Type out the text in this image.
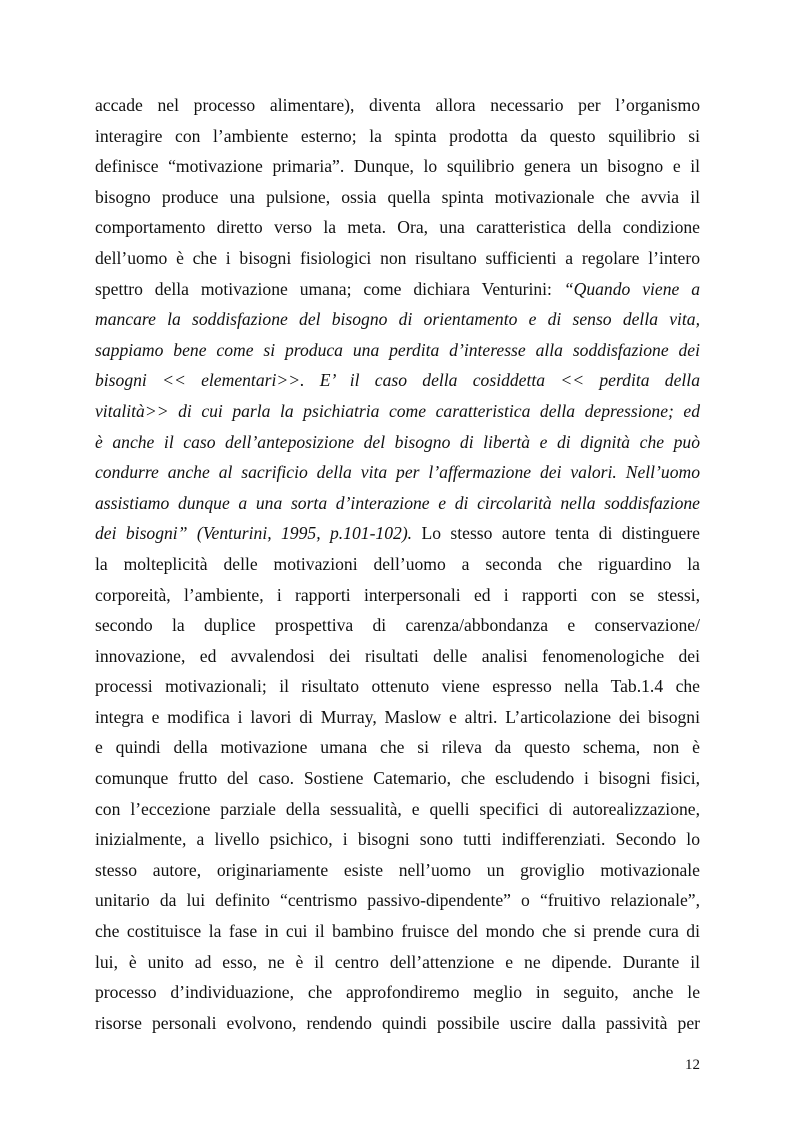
accade nel processo alimentare), diventa allora necessario per l’organismo
interagire con l’ambiente esterno; la spinta prodotta da questo squilibrio si
definisce “motivazione primaria”. Dunque, lo squilibrio genera un bisogno e il
bisogno produce una pulsione, ossia quella spinta motivazionale che avvia il
comportamento diretto verso la meta. Ora, una caratteristica della condizione
dell’uomo è che i bisogni fisiologici non risultano sufficienti a regolare l’intero
spettro della motivazione umana; come dichiara Venturini: “Quando viene a
mancare la soddisfazione del bisogno di orientamento e di senso della vita,
sappiamo bene come si produca una perdita d’interesse alla soddisfazione dei
bisogni << elementari>>. E’ il caso della cosiddetta << perdita della
vitalità>> di cui parla la psichiatria come caratteristica della depressione; ed
è anche il caso dell’anteposizione del bisogno di libertà e di dignità che può
condurre anche al sacrificio della vita per l’affermazione dei valori. Nell’uomo
assistiamo dunque a una sorta d’interazione e di circolarità nella soddisfazione
dei bisogni” (Venturini, 1995, p.101-102). Lo stesso autore tenta di distinguere
la molteplicità delle motivazioni dell’uomo a seconda che riguardino la
corporeità, l’ambiente, i rapporti interpersonali ed i rapporti con se stessi,
secondo la duplice prospettiva di carenza/abbondanza e conservazione/
innovazione, ed avvalendosi dei risultati delle analisi fenomenologiche dei
processi motivazionali; il risultato ottenuto viene espresso nella Tab.1.4 che
integra e modifica i lavori di Murray, Maslow e altri. L’articolazione dei bisogni
e quindi della motivazione umana che si rileva da questo schema, non è
comunque frutto del caso. Sostiene Catemario, che escludendo i bisogni fisici,
con l’eccezione parziale della sessualità, e quelli specifici di autorealizzazione,
inizialmente, a livello psichico, i bisogni sono tutti indifferenziati. Secondo lo
stesso autore, originariamente esiste nell’uomo un groviglio motivazionale
unitario da lui definito “centrismo passivo-dipendente” o “fruitivo relazionale”,
che costituisce la fase in cui il bambino fruisce del mondo che si prende cura di
lui, è unito ad esso, ne è il centro dell’attenzione e ne dipende. Durante il
processo d’individuazione, che approfondiremo meglio in seguito, anche le
risorse personali evolvono, rendendo quindi possibile uscire dalla passività per
12
